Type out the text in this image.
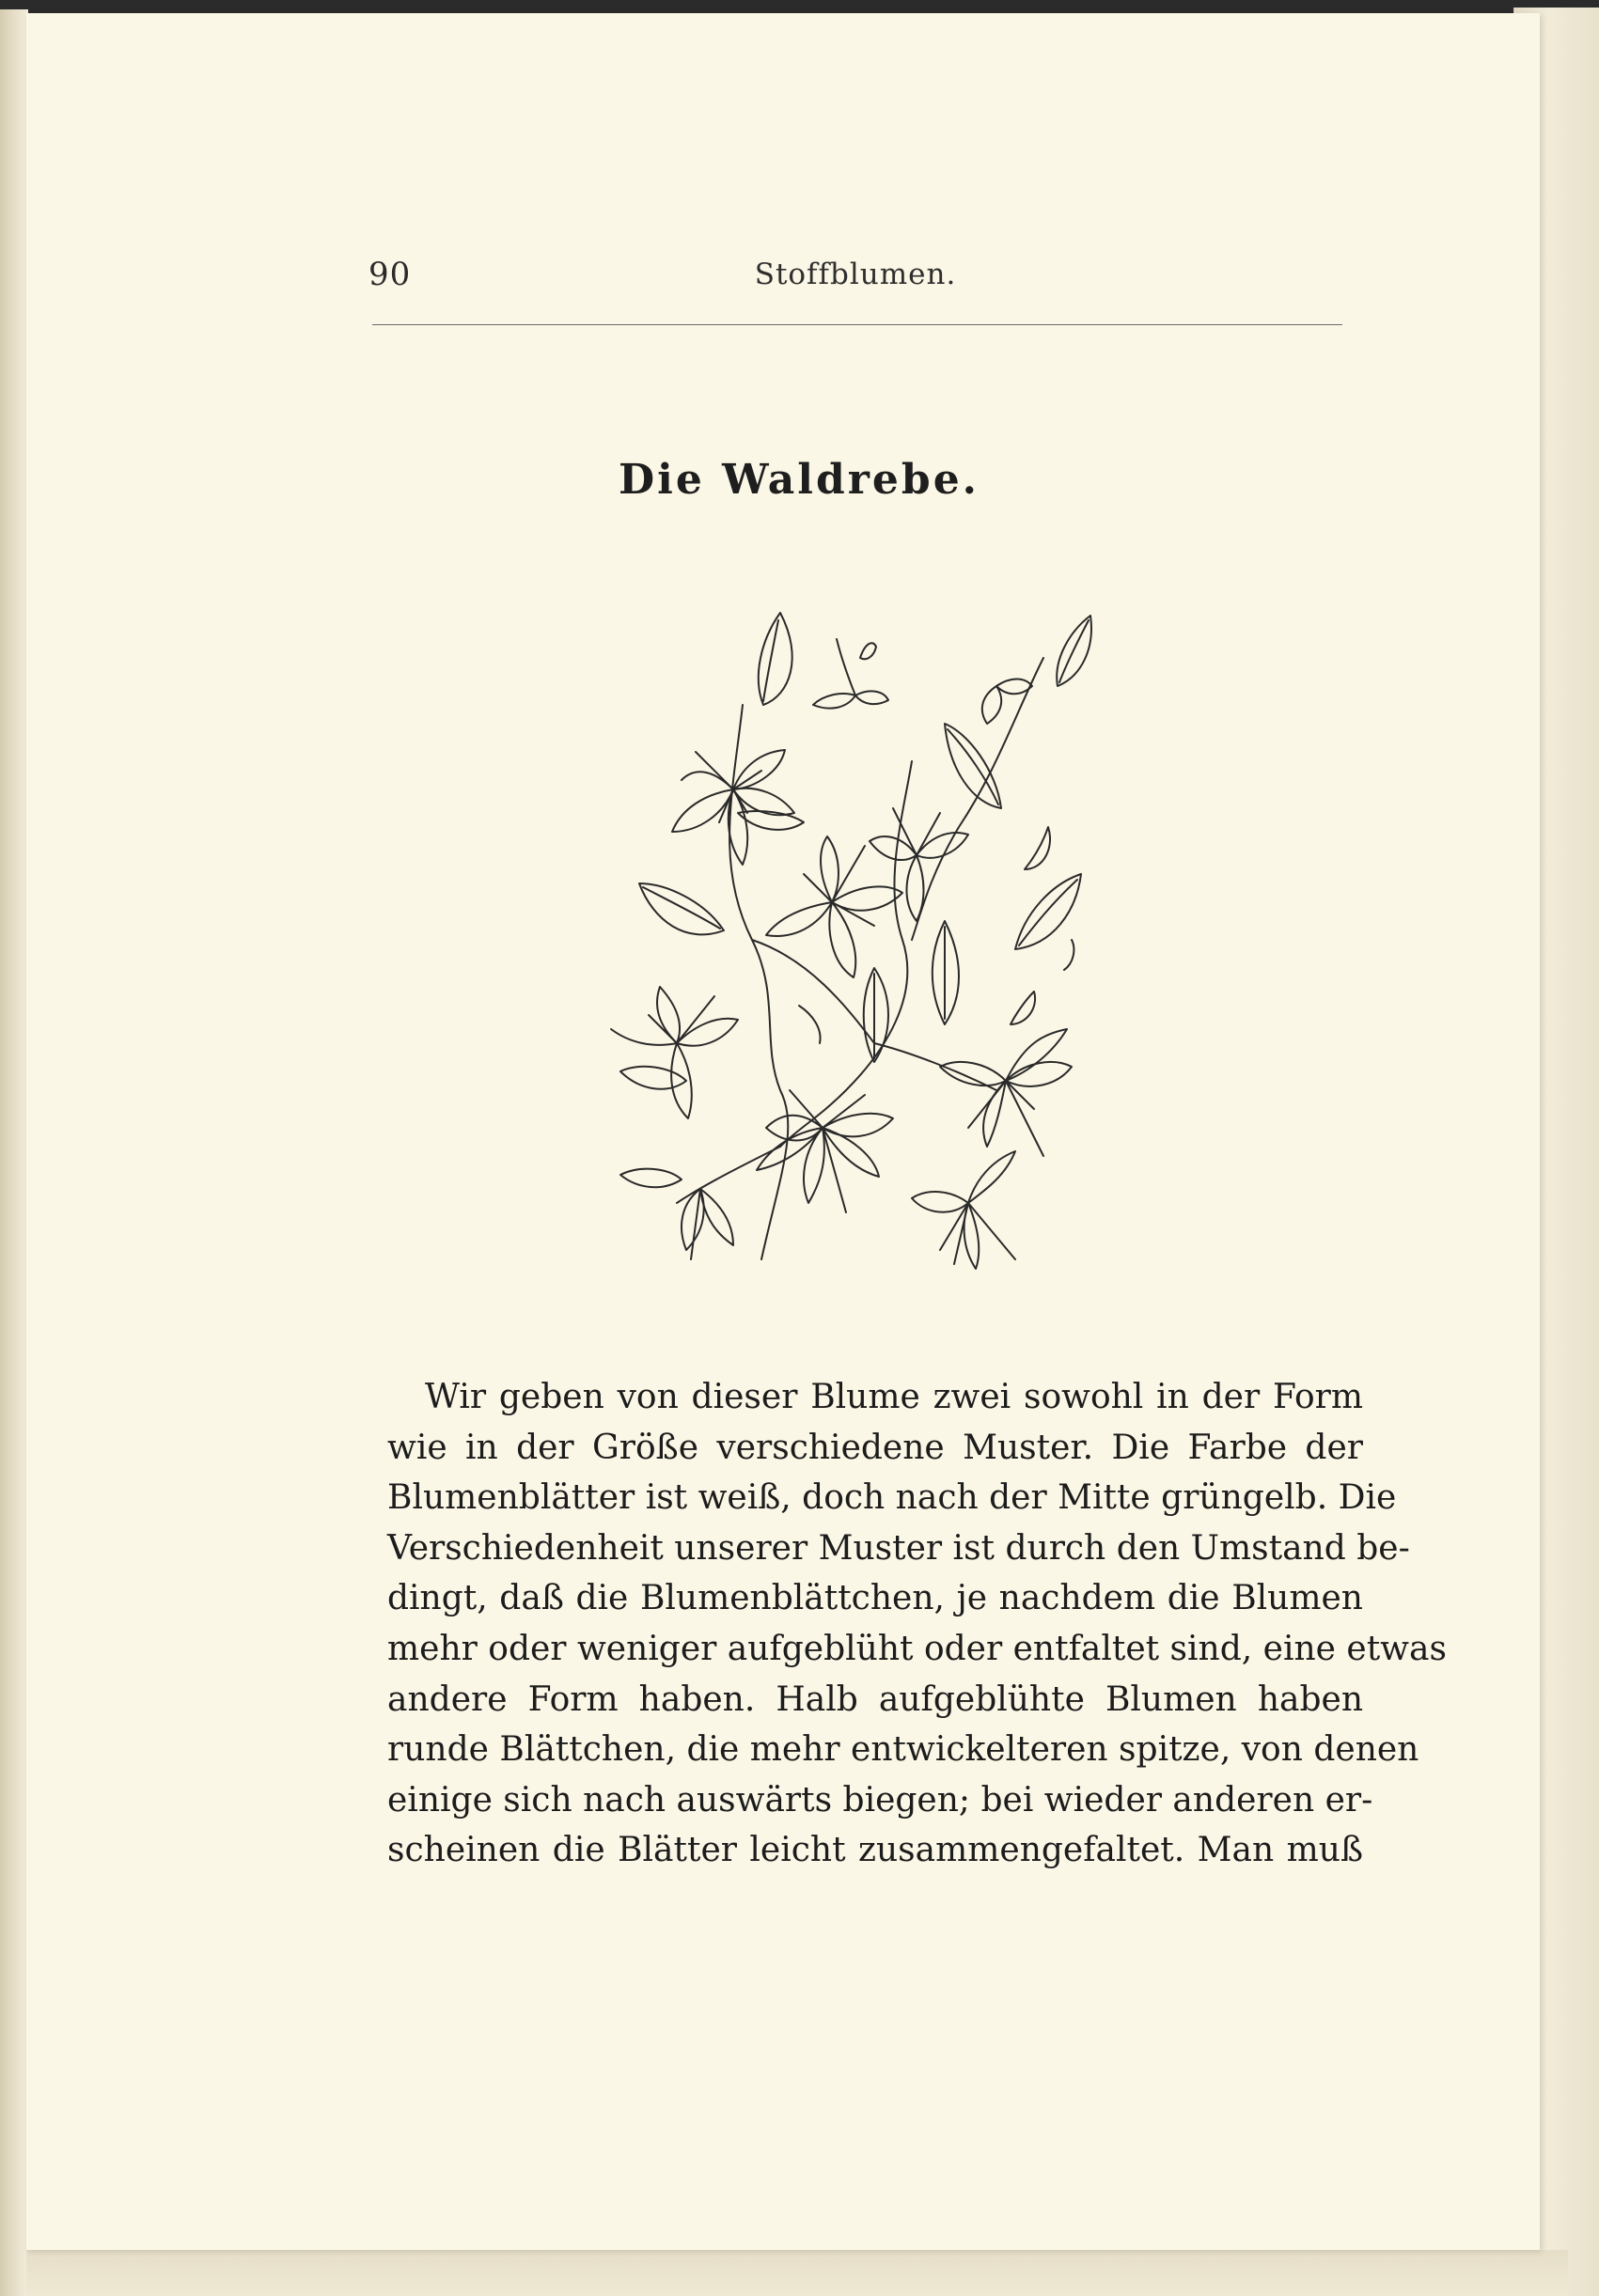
90	Stoffblumen.
Die Waldrebe.
Wir geben von dieser Blume zwei sowohl in der Form
wie in der Größe verschiedene Muster. Die Farbe der
Blumenblätter ist weiß, doch nach der Mitte grüngelb. Die
Verschiedenheit unserer Muster ist durch den Umstand be-
dingt, daß die Blumenblättchen, je nachdem die Blumen
mehr oder weniger aufgeblüht oder entfaltet sind, eine etwas
andere Form haben. Halb aufgeblühte Blumen haben
runde Blättchen, die mehr entwickelteren spitze, von denen
einige sich nach auswärts biegen; bei wieder anderen er-
scheinen die Blätter leicht zusammengefaltet. Man muß
